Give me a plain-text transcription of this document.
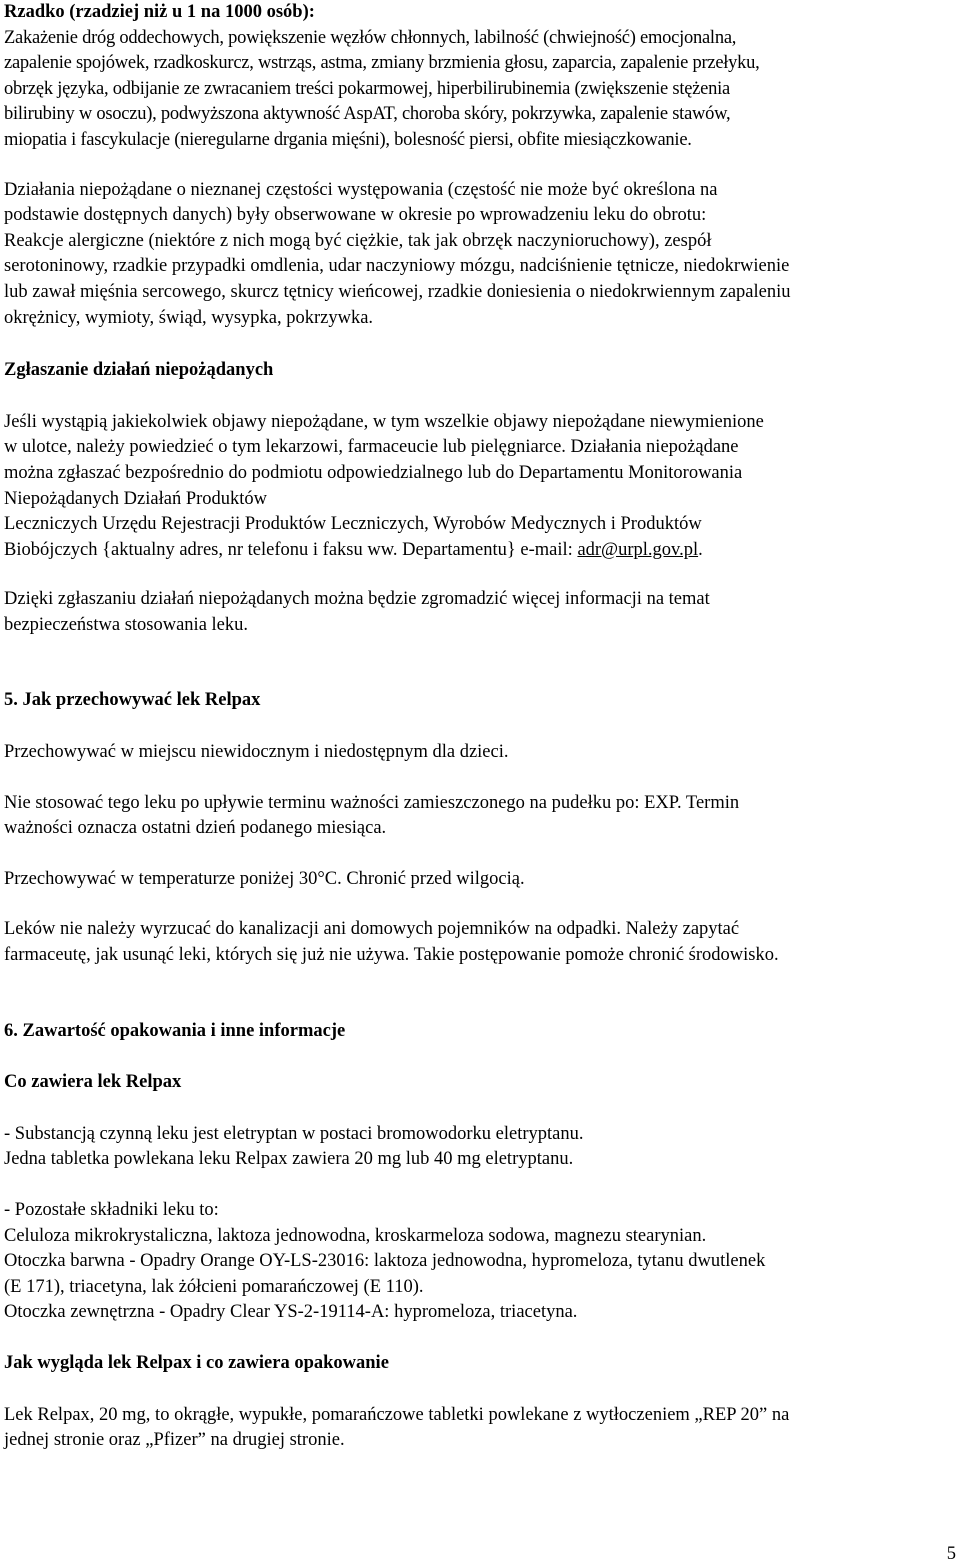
Rzadko (rzadziej niż u 1 na 1000 osób):

Zakażenie dróg oddechowych, powiększenie węzłów chłonnych, labilność (chwiejność) emocjonalna,
zapalenie spojówek, rzadkoskurcz, wstrząs, astma, zmiany brzmienia głosu, zaparcia, zapalenie przełyku,
obrzęk języka, odbijanie ze zwracaniem treści pokarmowej, hiperbilirubinemia (zwiększenie stężenia
bilirubiny w osoczu), podwyższona aktywność AspAT, choroba skóry, pokrzywka, zapalenie stawów,
miopatia i fascykulacje (nieregularne drgania mięśni), bolesność piersi, obfite miesiączkowanie.

Działania niepożądane o nieznanej częstości występowania (częstość nie może być określona na
podstawie dostępnych danych) były obserwowane w okresie po wprowadzeniu leku do obrotu:
Reakcje alergiczne (niektóre z nich mogą być ciężkie, tak jak obrzęk naczynioruchowy), zespół
serotoninowy, rzadkie przypadki omdlenia, udar naczyniowy mózgu, nadciśnienie tętnicze, niedokrwienie
lub zawał mięśnia sercowego, skurcz tętnicy wieńcowej, rzadkie doniesienia o niedokrwiennym zapaleniu
okrężnicy, wymioty, świąd, wysypka, pokrzywka.

Zgłaszanie działań niepożądanych

Jeśli wystąpią jakiekolwiek objawy niepożądane, w tym wszelkie objawy niepożądane niewymienione
w ulotce, należy powiedzieć o tym lekarzowi, farmaceucie lub pielęgniarce. Działania niepożądane
można zgłaszać bezpośrednio do podmiotu odpowiedzialnego lub do Departamentu Monitorowania
Niepożądanych Działań Produktów
Leczniczych Urzędu Rejestracji Produktów Leczniczych, Wyrobów Medycznych i Produktów
Biobójczych {aktualny adres, nr telefonu i faksu ww. Departamentu} e-mail: adr@urpl.gov.pl.

Dzięki zgłaszaniu działań niepożądanych można będzie zgromadzić więcej informacji na temat
bezpieczeństwa stosowania leku.

5. Jak przechowywać lek Relpax

Przechowywać w miejscu niewidocznym i niedostępnym dla dzieci.

Nie stosować tego leku po upływie terminu ważności zamieszczonego na pudełku po: EXP. Termin
ważności oznacza ostatni dzień podanego miesiąca.

Przechowywać w temperaturze poniżej 30°C. Chronić przed wilgocią.

Leków nie należy wyrzucać do kanalizacji ani domowych pojemników na odpadki. Należy zapytać
farmaceutę, jak usunąć leki, których się już nie używa. Takie postępowanie pomoże chronić środowisko.

6. Zawartość opakowania i inne informacje

Co zawiera lek Relpax

- Substancją czynną leku jest eletryptan w postaci bromowodorku eletryptanu.
Jedna tabletka powlekana leku Relpax zawiera 20 mg lub 40 mg eletryptanu.

- Pozostałe składniki leku to:
Celuloza mikrokrystaliczna, laktoza jednowodna, kroskarmeloza sodowa, magnezu stearynian.
Otoczka barwna - Opadry Orange OY-LS-23016: laktoza jednowodna, hypromeloza, tytanu dwutlenek
(E 171), triacetyna, lak żółcieni pomarańczowej (E 110).
Otoczka zewnętrzna - Opadry Clear YS-2-19114-A: hypromeloza, triacetyna.

Jak wygląda lek Relpax i co zawiera opakowanie

Lek Relpax, 20 mg, to okrągłe, wypukłe, pomarańczowe tabletki powlekane z wytłoczeniem „REP 20” na
jednej stronie oraz „Pfizer” na drugiej stronie.

5
